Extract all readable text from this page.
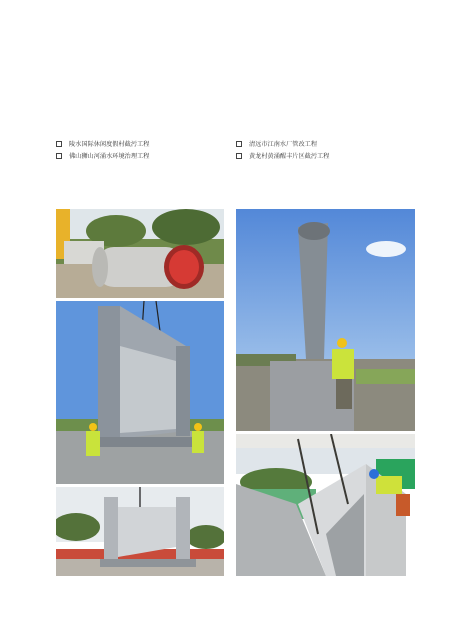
陵水国际休闲度假村截污工程
佛山狮山河涌水环境治理工程
清远市江南水厂管改工程
黄龙村黄涌醒丰片区截污工程
